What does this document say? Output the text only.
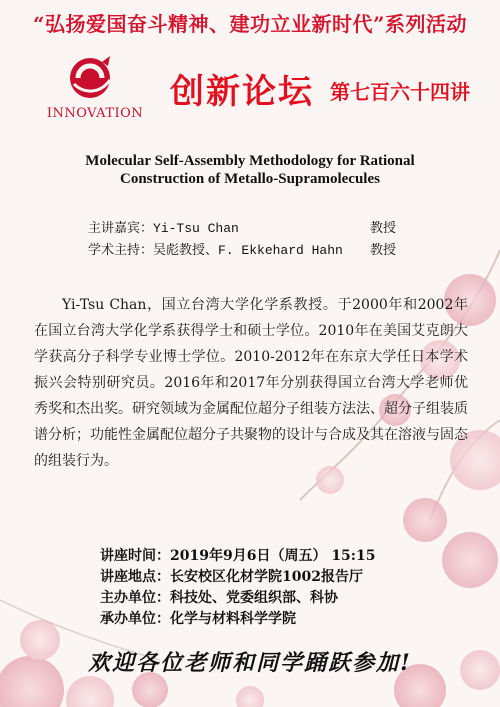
“弘扬爱国奋斗精神、建功立业新时代”系列活动
INNOVATION
创新论坛 第七百六十四讲
Molecular Self-Assembly Methodology for Rational
Construction of Metallo-Supramolecules
主讲嘉宾：Yi-Tsu Chan	教授
学术主持：吴彪教授、F. Ekkehard Hahn 教授
Yi-Tsu Chan，国立台湾大学化学系教授。于2000年和2002年在国立台湾大学化学系获得学士和硕士学位。2010年在美国艾克朗大学获高分子科学专业博士学位。2010-2012年在东京大学任日本学术振兴会特别研究员。2016年和2017年分别获得国立台湾大学老师优秀奖和杰出奖。研究领域为金属配位超分子组装方法法、超分子组装质谱分析；功能性金属配位超分子共聚物的设计与合成及其在溶液与固态的组装行为。
讲座时间：2019年9月6日（周五） 15:15
讲座地点：长安校区化材学院1002报告厅
主办单位：科技处、党委组织部、科协
承办单位：化学与材料科学学院
欢迎各位老师和同学踊跃参加!
